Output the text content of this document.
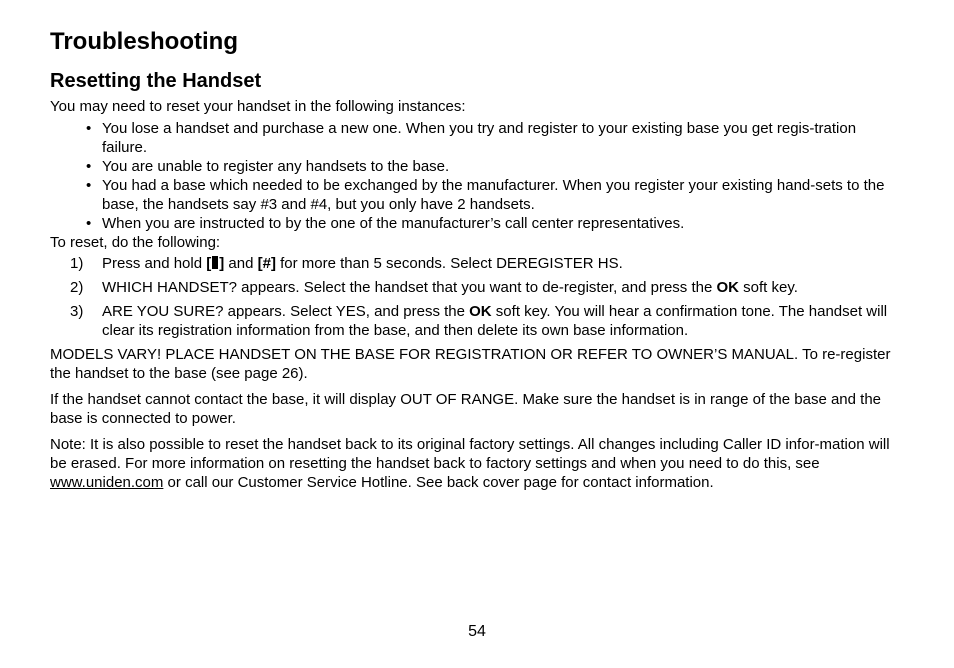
Troubleshooting
Resetting the Handset

You may need to reset your handset in the following instances:

• You lose a handset and purchase a new one. When you try and register to your existing base you get regis-tration failure.
• You are unable to register any handsets to the base.
• You had a base which needed to be exchanged by the manufacturer. When you register your existing hand-sets to the base, the handsets say #3 and #4, but you only have 2 handsets.
• When you are instructed to by the one of the manufacturer’s call center representatives.

To reset, do the following:

1) Press and hold [ ] and [#] for more than 5 seconds. Select DEREGISTER HS.
2) WHICH HANDSET? appears. Select the handset that you want to de-register, and press the OK soft key.
3) ARE YOU SURE? appears. Select YES, and press the OK soft key. You will hear a confirmation tone. The handset will clear its registration information from the base, and then delete its own base information.

MODELS VARY! PLACE HANDSET ON THE BASE FOR REGISTRATION OR REFER TO OWNER’S MANUAL. To re-register the handset to the base (see page 26).

If the handset cannot contact the base, it will display OUT OF RANGE. Make sure the handset is in range of the base and the base is connected to power.

Note: It is also possible to reset the handset back to its original factory settings. All changes including Caller ID infor-mation will be erased. For more information on resetting the handset back to factory settings and when you need to do this, see www.uniden.com or call our Customer Service Hotline. See back cover page for contact information.

54
